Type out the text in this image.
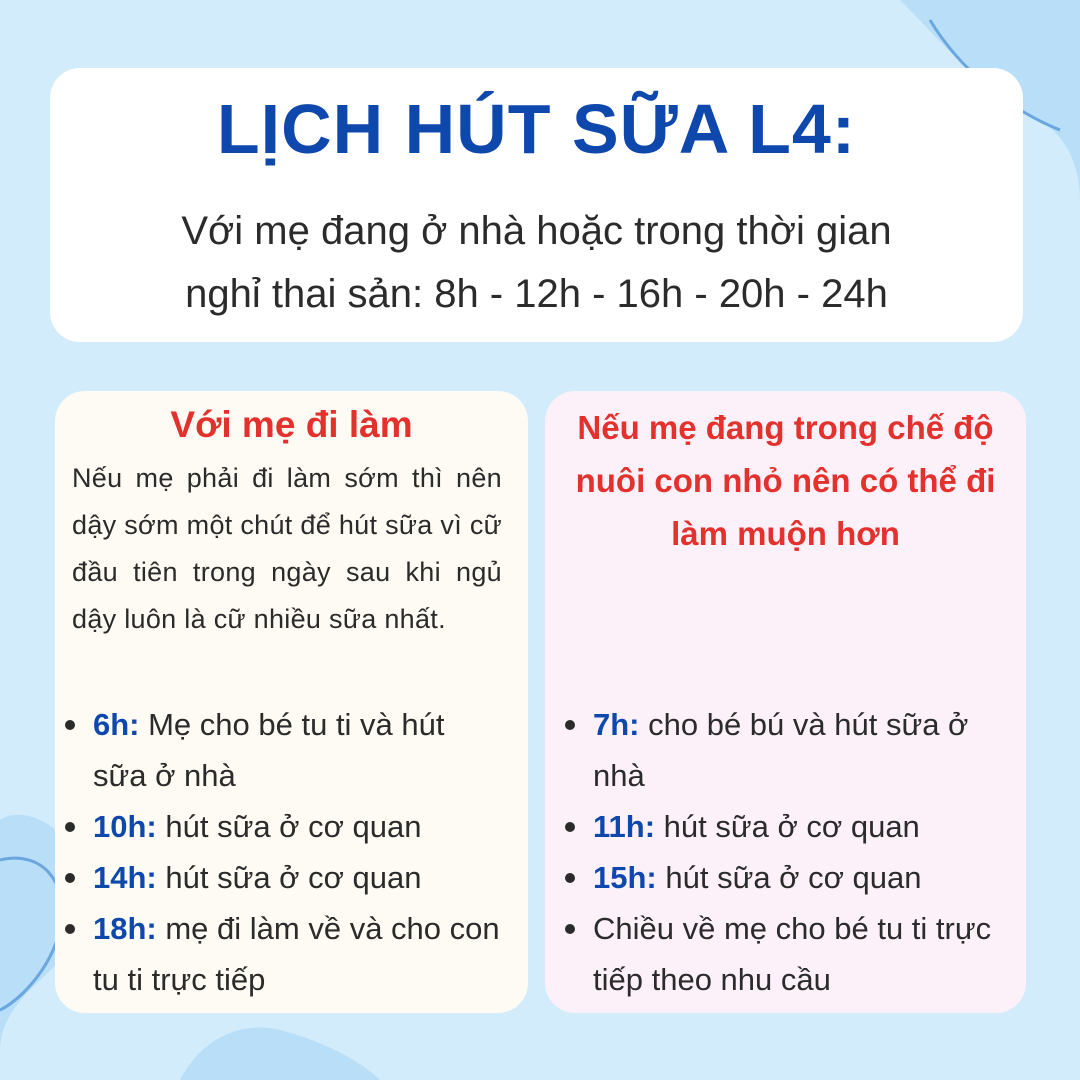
LỊCH HÚT SỮA L4:
Với mẹ đang ở nhà hoặc trong thời gian
nghỉ thai sản: 8h - 12h - 16h - 20h - 24h
Với mẹ đi làm

Nếu mẹ phải đi làm sớm thì nên dậy sớm một chút để hút sữa vì cữ đầu tiên trong ngày sau khi ngủ dậy luôn là cữ nhiều sữa nhất.

6h: Mẹ cho bé tu ti và hút sữa ở nhà
10h: hút sữa ở cơ quan
14h: hút sữa ở cơ quan
18h: mẹ đi làm về và cho con tu ti trực tiếp
Nếu mẹ đang trong chế độ nuôi con nhỏ nên có thể đi làm muộn hơn
7h: cho bé bú và hút sữa ở nhà
11h: hút sữa ở cơ quan
15h: hút sữa ở cơ quan
Chiều về mẹ cho bé tu ti trực tiếp theo nhu cầu
